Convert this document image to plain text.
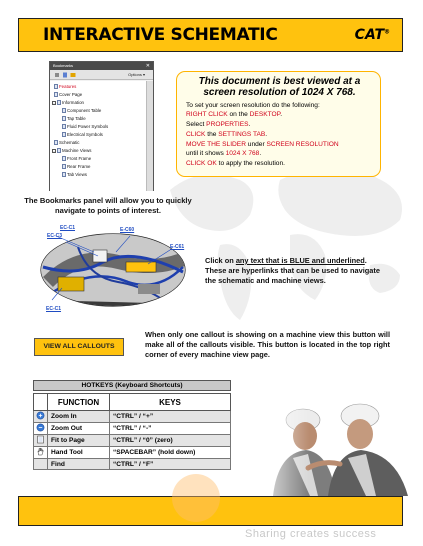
INTERACTIVE SCHEMATIC	CAT®
Bookmarks	✕
Options ▾
Features
Cover Page
- Information
Component Table
Tap Table
Fluid Power Symbols
Electrical Symbols
Schematic
- Machine Views
Front Frame
Rear Frame
Tab Views
The Bookmarks panel will allow you to quickly navigate to points of interest.
This document is best viewed at a screen resolution of 1024 X 768.
To set your screen resolution do the following:
RIGHT CLICK on the DESKTOP.
Select PROPERTIES.
CLICK the SETTINGS TAB.
MOVE THE SLIDER under SCREEN RESOLUTION
until it shows 1024 X 768.
CLICK OK to apply the resolution.
EC-C1
EC-C3
E-C60
E-C61
EC-C1
Click on any text that is BLUE and underlined. These are hyperlinks that can be used to navigate the schematic and machine views.
VIEW ALL CALLOUTS
When only one callout is showing on a machine view this button will make all of the callouts visible. This button is located in the top right corner of every machine view page.
HOTKEYS (Keyboard Shortcuts)
	FUNCTION	KEYS
	Zoom In	“CTRL” / “+”
	Zoom Out	“CTRL” / “-”
	Fit to Page	“CTRL” / “0” (zero)
	Hand Tool	“SPACEBAR” (hold down)
	Find	“CTRL” / “F”
Sharing creates success
